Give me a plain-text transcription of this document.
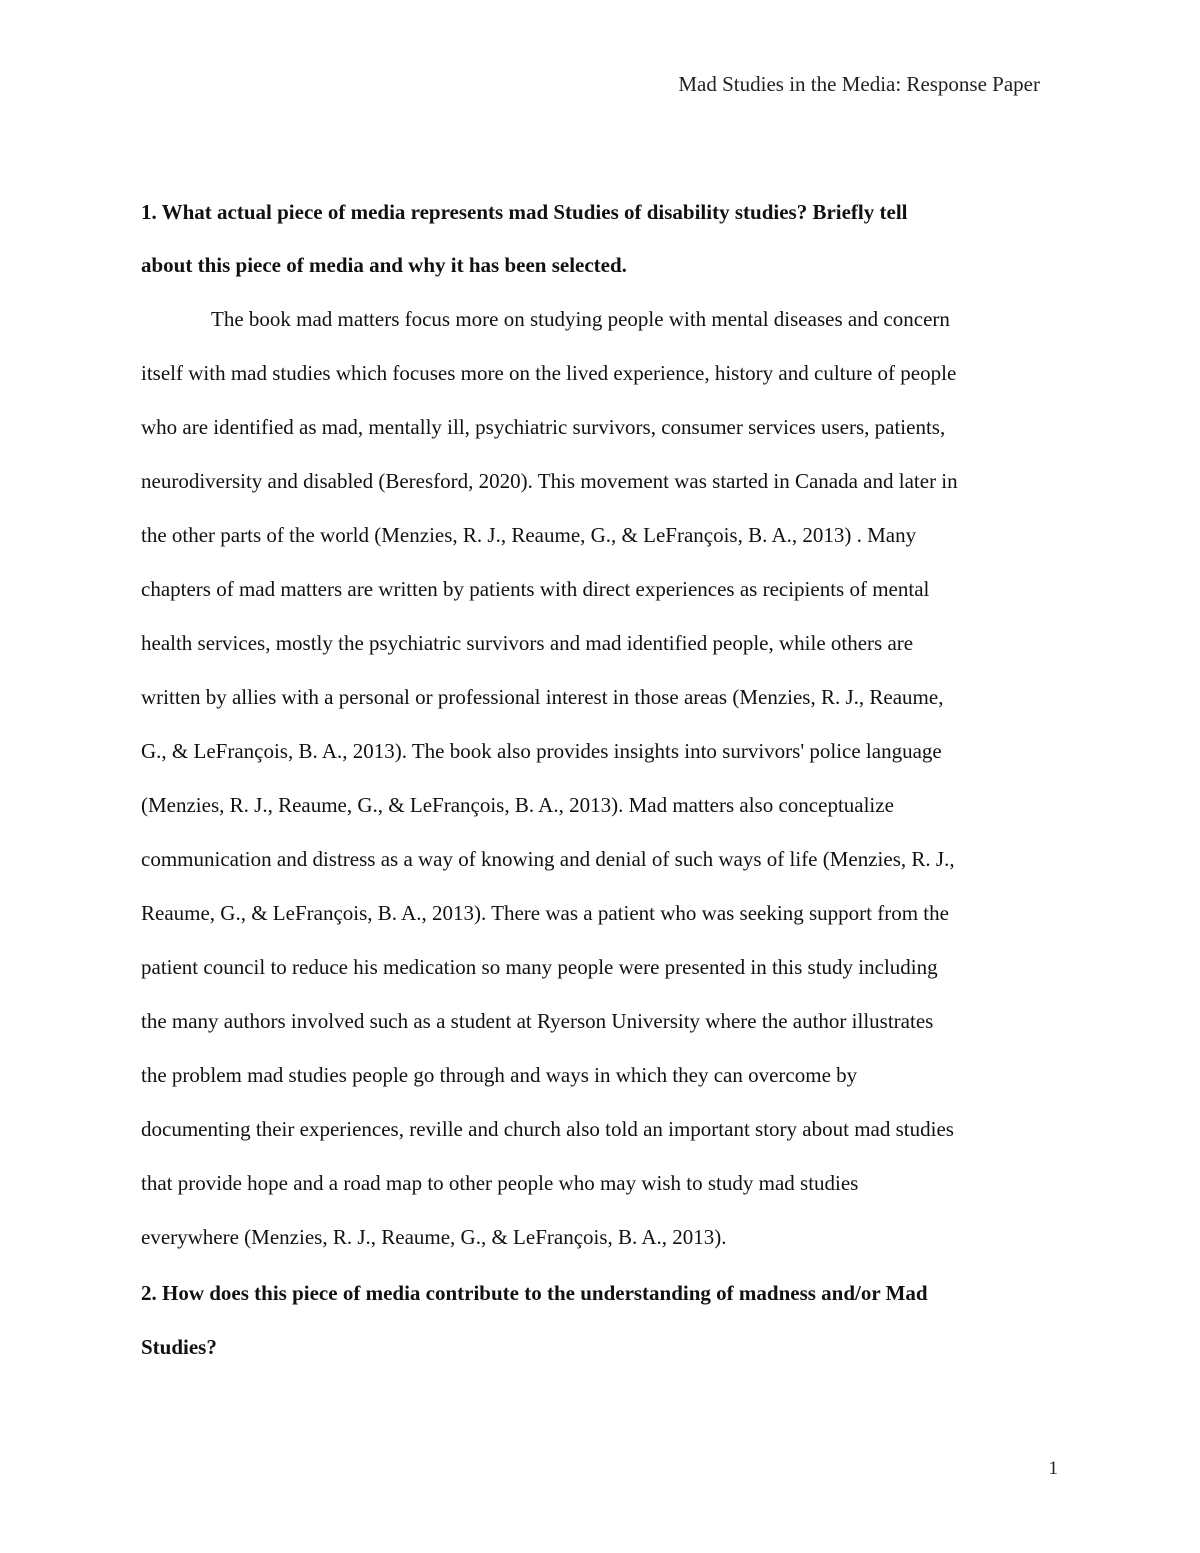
Mad Studies in the Media: Response Paper
1. What actual piece of media represents mad Studies of disability studies? Briefly tell
about this piece of media and why it has been selected.
The book mad matters focus more on studying people with mental diseases and concern
itself with mad studies which focuses more on the lived experience, history and culture of people
who are identified as mad, mentally ill, psychiatric survivors, consumer services users, patients,
neurodiversity and disabled (Beresford, 2020). This movement was started in Canada and later in
the other parts of the world (Menzies, R. J., Reaume, G., & LeFrançois, B. A., 2013) . Many
chapters of mad matters are written by patients with direct experiences as recipients of mental
health services, mostly the psychiatric survivors and mad identified people, while others are
written by allies with a personal or professional interest in those areas (Menzies, R. J., Reaume,
G., & LeFrançois, B. A., 2013). The book also provides insights into survivors' police language
(Menzies, R. J., Reaume, G., & LeFrançois, B. A., 2013). Mad matters also conceptualize
communication and distress as a way of knowing and denial of such ways of life (Menzies, R. J.,
Reaume, G., & LeFrançois, B. A., 2013). There was a patient who was seeking support from the
patient council to reduce his medication so many people were presented in this study including
the many authors involved such as a student at Ryerson University where the author illustrates
the problem mad studies people go through and ways in which they can overcome by
documenting their experiences, reville and church also told an important story about mad studies
that provide hope and a road map to other people who may wish to study mad studies
everywhere (Menzies, R. J., Reaume, G., & LeFrançois, B. A., 2013).
2. How does this piece of media contribute to the understanding of madness and/or Mad
Studies?
1
